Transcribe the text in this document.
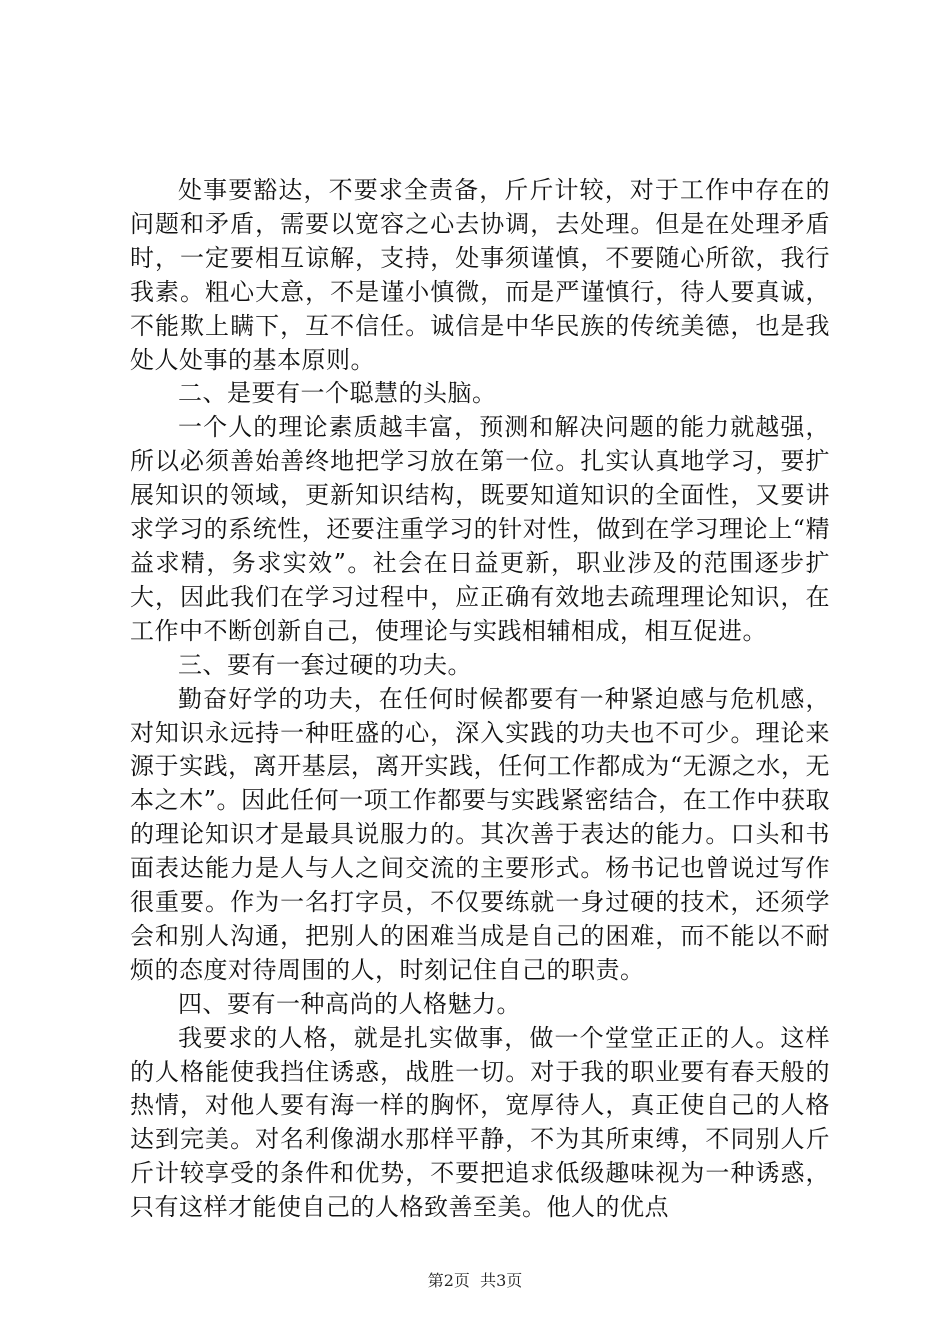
处事要豁达，不要求全责备，斤斤计较，对于工作中存在的问题和矛盾，需要以宽容之心去协调，去处理。但是在处理矛盾时，一定要相互谅解，支持，处事须谨慎，不要随心所欲，我行我素。粗心大意，不是谨小慎微，而是严谨慎行，待人要真诚，不能欺上瞒下，互不信任。诚信是中华民族的传统美德，也是我处人处事的基本原则。

二、是要有一个聪慧的头脑。

一个人的理论素质越丰富，预测和解决问题的能力就越强，所以必须善始善终地把学习放在第一位。扎实认真地学习，要扩展知识的领域，更新知识结构，既要知道知识的全面性，又要讲求学习的系统性，还要注重学习的针对性，做到在学习理论上“精益求精，务求实效”。社会在日益更新，职业涉及的范围逐步扩大，因此我们在学习过程中，应正确有效地去疏理理论知识，在工作中不断创新自己，使理论与实践相辅相成，相互促进。

三、要有一套过硬的功夫。

勤奋好学的功夫，在任何时候都要有一种紧迫感与危机感，对知识永远持一种旺盛的心，深入实践的功夫也不可少。理论来源于实践，离开基层，离开实践，任何工作都成为“无源之水，无本之木”。因此任何一项工作都要与实践紧密结合，在工作中获取的理论知识才是最具说服力的。其次善于表达的能力。口头和书面表达能力是人与人之间交流的主要形式。杨书记也曾说过写作很重要。作为一名打字员，不仅要练就一身过硬的技术，还须学会和别人沟通，把别人的困难当成是自己的困难，而不能以不耐烦的态度对待周围的人，时刻记住自己的职责。

四、要有一种高尚的人格魅力。

我要求的人格，就是扎实做事，做一个堂堂正正的人。这样的人格能使我挡住诱惑，战胜一切。对于我的职业要有春天般的热情，对他人要有海一样的胸怀，宽厚待人，真正使自己的人格达到完美。对名利像湖水那样平静，不为其所束缚，不同别人斤斤计较享受的条件和优势，不要把追求低级趣味视为一种诱惑，只有这样才能使自己的人格致善至美。他人的优点

第2页  共3页
